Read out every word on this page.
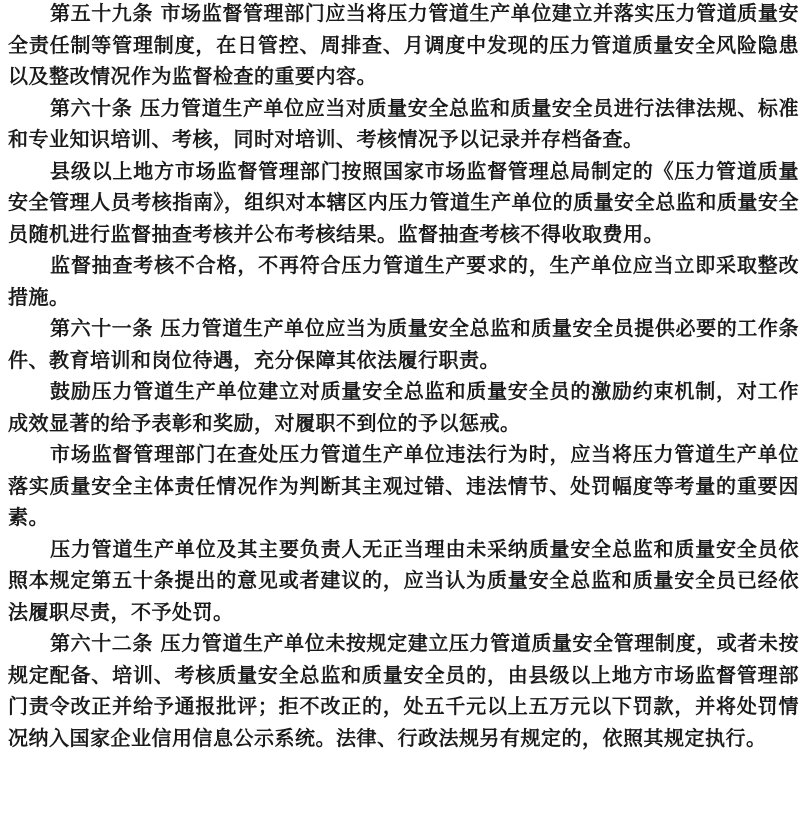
第五十九条 市场监督管理部门应当将压力管道生产单位建立并落实压力管道质量安全责任制等管理制度，在日管控、周排查、月调度中发现的压力管道质量安全风险隐患以及整改情况作为监督检查的重要内容。

第六十条 压力管道生产单位应当对质量安全总监和质量安全员进行法律法规、标准和专业知识培训、考核，同时对培训、考核情况予以记录并存档备查。

县级以上地方市场监督管理部门按照国家市场监督管理总局制定的《压力管道质量安全管理人员考核指南》，组织对本辖区内压力管道生产单位的质量安全总监和质量安全员随机进行监督抽查考核并公布考核结果。监督抽查考核不得收取费用。

监督抽查考核不合格，不再符合压力管道生产要求的，生产单位应当立即采取整改措施。

第六十一条 压力管道生产单位应当为质量安全总监和质量安全员提供必要的工作条件、教育培训和岗位待遇，充分保障其依法履行职责。

鼓励压力管道生产单位建立对质量安全总监和质量安全员的激励约束机制，对工作成效显著的给予表彰和奖励，对履职不到位的予以惩戒。

市场监督管理部门在查处压力管道生产单位违法行为时，应当将压力管道生产单位落实质量安全主体责任情况作为判断其主观过错、违法情节、处罚幅度等考量的重要因素。

压力管道生产单位及其主要负责人无正当理由未采纳质量安全总监和质量安全员依照本规定第五十条提出的意见或者建议的，应当认为质量安全总监和质量安全员已经依法履职尽责，不予处罚。

第六十二条 压力管道生产单位未按规定建立压力管道质量安全管理制度，或者未按规定配备、培训、考核质量安全总监和质量安全员的，由县级以上地方市场监督管理部门责令改正并给予通报批评；拒不改正的，处五千元以上五万元以下罚款，并将处罚情况纳入国家企业信用信息公示系统。法律、行政法规另有规定的，依照其规定执行。
